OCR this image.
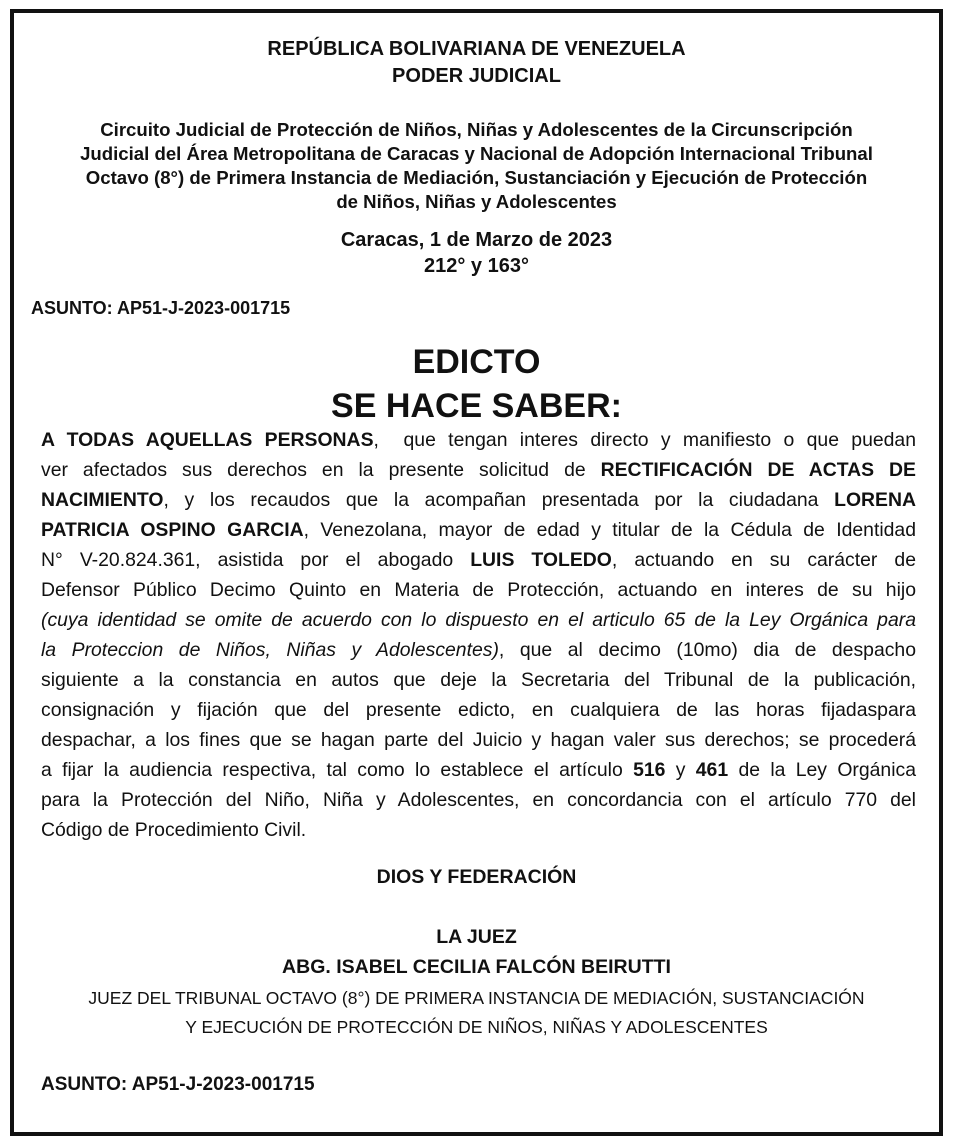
REPÚBLICA BOLIVARIANA DE VENEZUELA
PODER JUDICIAL
Circuito Judicial de Protección de Niños, Niñas y Adolescentes de la Circunscripción
Judicial del Área Metropolitana de Caracas y Nacional de Adopción Internacional Tribunal
Octavo (8°) de Primera Instancia de Mediación, Sustanciación y Ejecución de Protección
de Niños, Niñas y Adolescentes
Caracas, 1 de Marzo de 2023
212° y 163°
ASUNTO: AP51-J-2023-001715
EDICTO
SE HACE SABER:
A TODAS AQUELLAS PERSONAS,  que tengan interes directo y manifiesto o que puedan
ver afectados sus derechos en la presente solicitud de RECTIFICACIÓN DE ACTAS DE
NACIMIENTO, y los recaudos que la acompañan presentada por la ciudadana LORENA
PATRICIA OSPINO GARCIA, Venezolana, mayor de edad y titular de la Cédula de Identidad
N° V-20.824.361, asistida por el abogado LUIS TOLEDO, actuando en su carácter de
Defensor Público Decimo Quinto en Materia de Protección, actuando en interes de su hijo
(cuya identidad se omite de acuerdo con lo dispuesto en el articulo 65 de la Ley Orgánica para
la Proteccion de Niños, Niñas y Adolescentes), que al decimo (10mo) dia de despacho
siguiente a la constancia en autos que deje la Secretaria del Tribunal de la publicación,
consignación y fijación que del presente edicto, en cualquiera de las horas fijadaspara
despachar, a los fines que se hagan parte del Juicio y hagan valer sus derechos; se procederá
a fijar la audiencia respectiva, tal como lo establece el artículo 516 y 461 de la Ley Orgánica
para la Protección del Niño, Niña y Adolescentes, en concordancia con el artículo 770 del
Código de Procedimiento Civil.
DIOS Y FEDERACIÓN
LA JUEZ
ABG. ISABEL CECILIA FALCÓN BEIRUTTI
JUEZ DEL TRIBUNAL OCTAVO (8°) DE PRIMERA INSTANCIA DE MEDIACIÓN, SUSTANCIACIÓN
Y EJECUCIÓN DE PROTECCIÓN DE NIÑOS, NIÑAS Y ADOLESCENTES
ASUNTO: AP51-J-2023-001715
